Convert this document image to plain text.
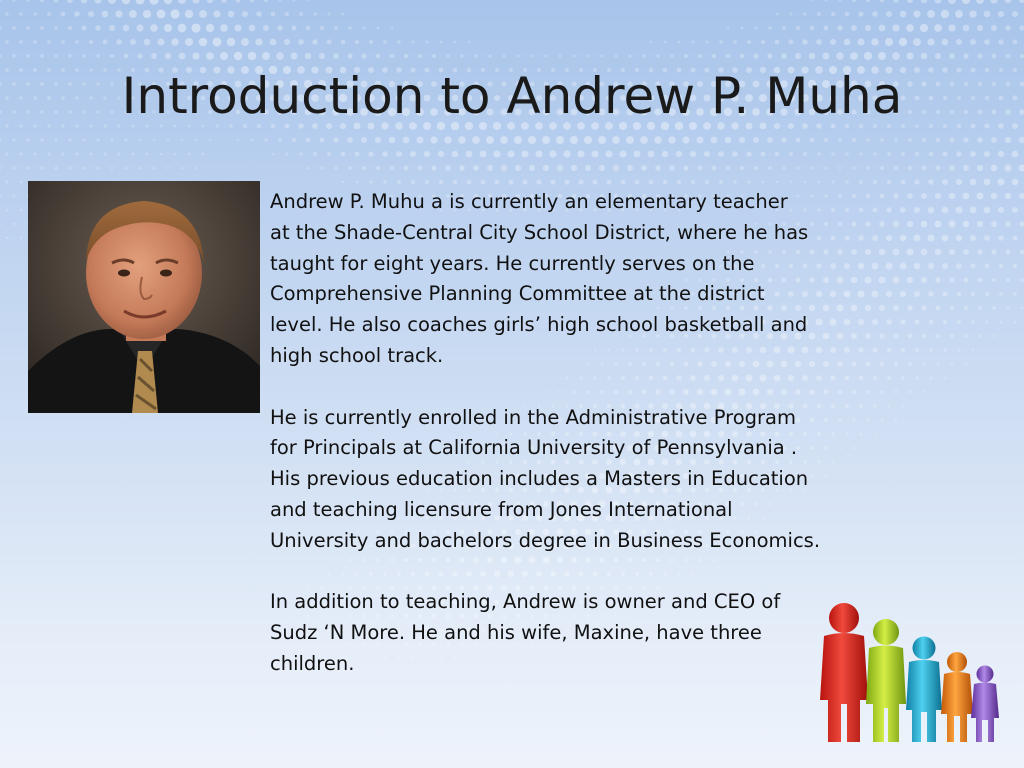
Introduction to Andrew P. Muha

Andrew P. Muhu a is currently an elementary teacher
at the Shade-Central City School District, where he has
taught for eight years. He currently serves on the
Comprehensive Planning Committee at the district
level. He also coaches girls’ high school basketball and
high school track.

He is currently enrolled in the Administrative Program
for Principals at California University of Pennsylvania .
His previous education includes a Masters in Education
and teaching licensure from Jones International
University and bachelors degree in Business Economics.

In addition to teaching, Andrew is owner and CEO of
Sudz ‘N More. He and his wife, Maxine, have three
children.
